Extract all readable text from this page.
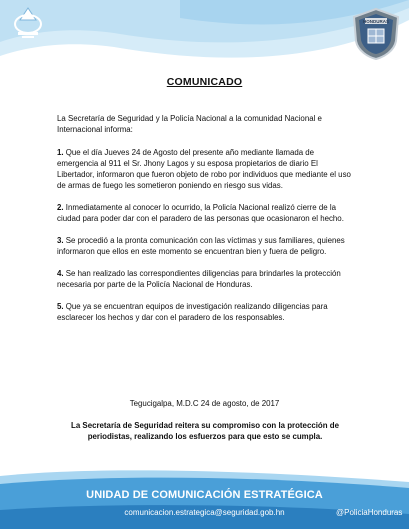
HONDURAS
COMUNICADO

La Secretaría de Seguridad y la Policía Nacional a la comunidad Nacional e Internacional informa:

1. Que el día Jueves 24 de Agosto del presente año mediante llamada de emergencia al 911 el Sr. Jhony Lagos y su esposa propietarios de diario El Libertador, informaron que fueron objeto de robo por individuos que mediante el uso de armas de fuego les sometieron poniendo en riesgo sus vidas.

2. Inmediatamente al conocer lo ocurrido, la Policía Nacional realizó cierre de la ciudad para poder dar con el paradero de las personas que ocasionaron el hecho.

3. Se procedió a la pronta comunicación con las víctimas y sus familiares, quienes informaron que ellos en este momento se encuentran bien y fuera de peligro.

4. Se han realizado las correspondientes diligencias para brindarles la protección necesaria por parte de la Policía Nacional de Honduras.

5. Que ya se encuentran equipos de investigación realizando diligencias para esclarecer los hechos y dar con el paradero de los responsables.

Tegucigalpa, M.D.C 24 de agosto, de 2017
La Secretaría de Seguridad reitera su compromiso con la protección de periodistas, realizando los esfuerzos para que esto se cumpla.
UNIDAD DE COMUNICACIÓN ESTRATÉGICA
comunicacion.estrategica@seguridad.gob.hn	@PoliciaHonduras
